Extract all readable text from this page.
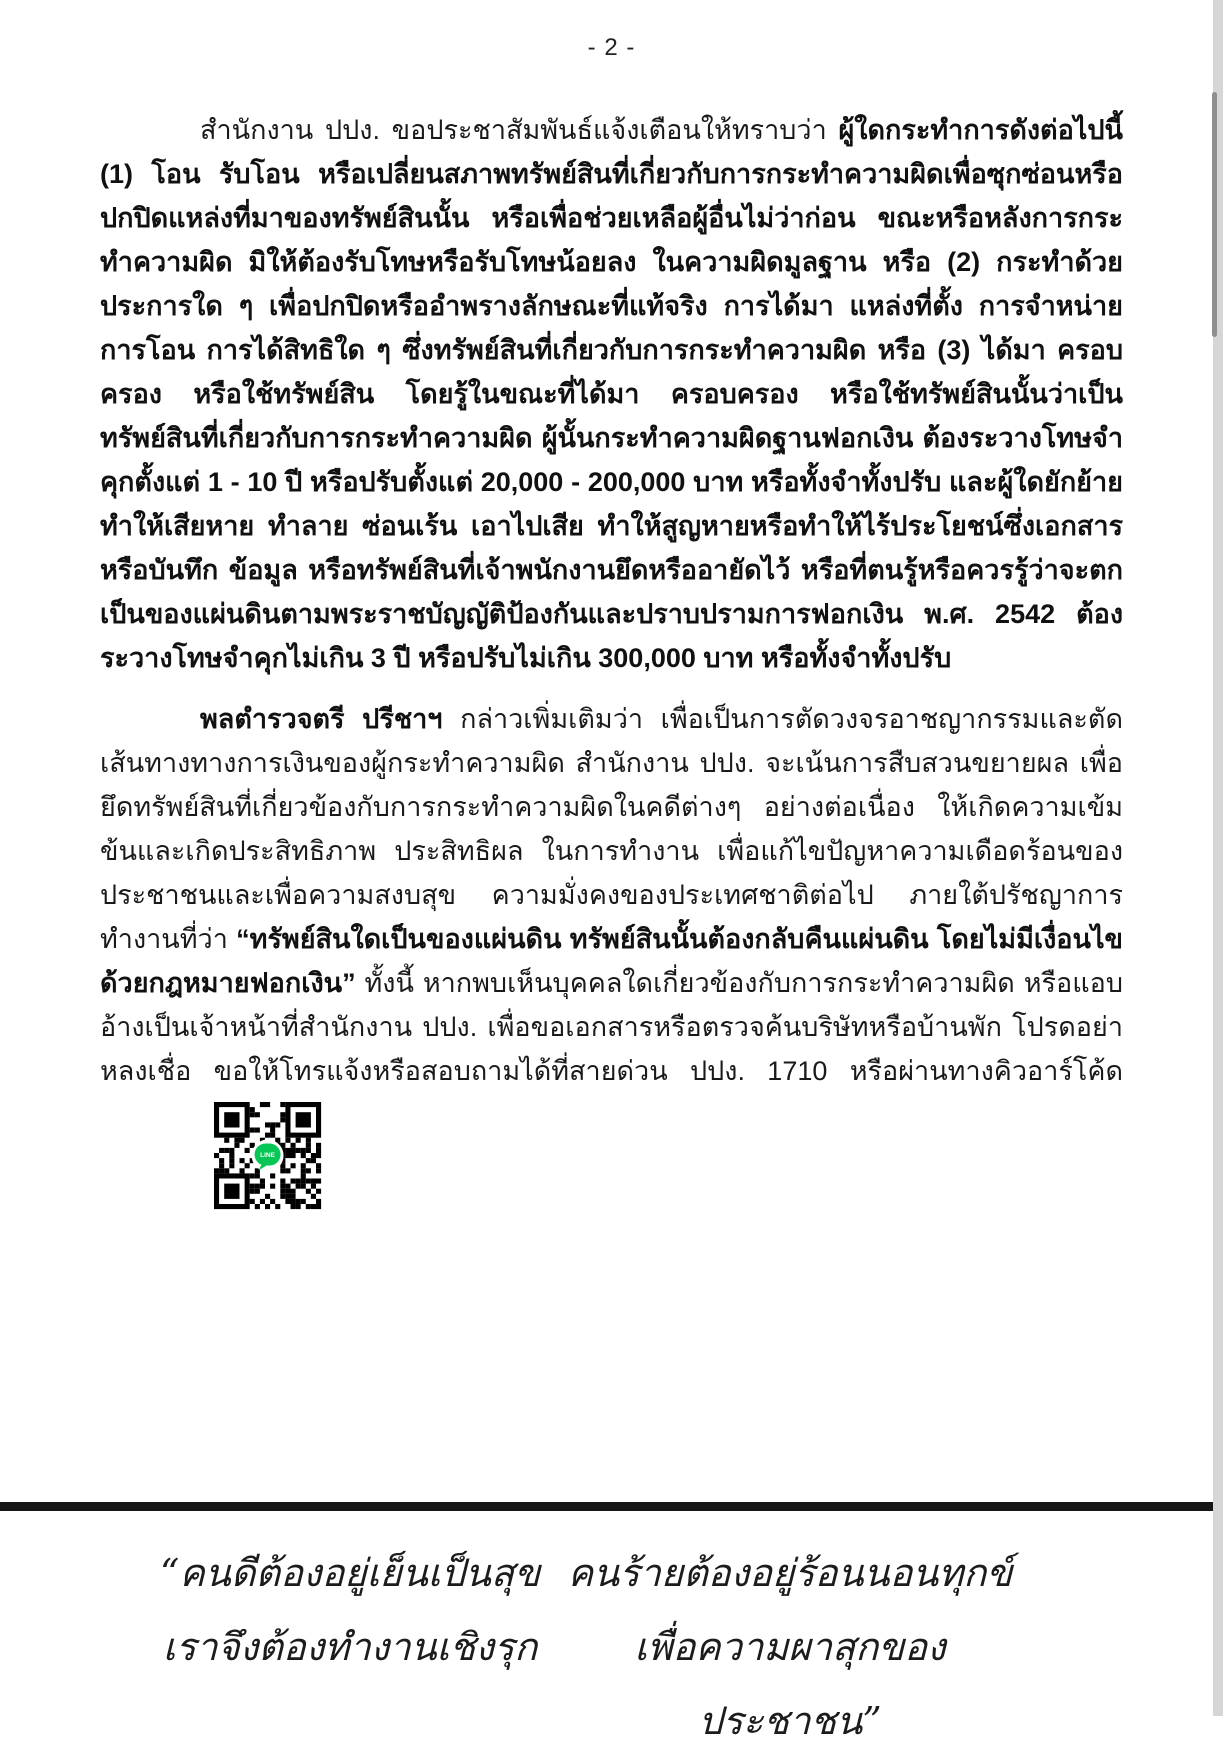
- 2 -

สำนักงาน ปปง. ขอประชาสัมพันธ์แจ้งเตือนให้ทราบว่า ผู้ใดกระทำการดังต่อไปนี้ (1) โอน รับโอน หรือเปลี่ยนสภาพทรัพย์สินที่เกี่ยวกับการกระทำความผิดเพื่อซุกซ่อนหรือปกปิดแหล่งที่มาของทรัพย์สินนั้น หรือเพื่อช่วยเหลือผู้อื่นไม่ว่าก่อน ขณะหรือหลังการกระทำความผิด มิให้ต้องรับโทษหรือรับโทษน้อยลง ในความผิดมูลฐาน หรือ (2) กระทำด้วยประการใด ๆ เพื่อปกปิดหรืออำพรางลักษณะที่แท้จริง การได้มา แหล่งที่ตั้ง การจำหน่าย การโอน การได้สิทธิใด ๆ ซึ่งทรัพย์สินที่เกี่ยวกับการกระทำความผิด หรือ (3) ได้มา ครอบครอง หรือใช้ทรัพย์สิน โดยรู้ในขณะที่ได้มา ครอบครอง หรือใช้ทรัพย์สินนั้นว่าเป็นทรัพย์สินที่เกี่ยวกับการกระทำความผิด ผู้นั้นกระทำความผิดฐานฟอกเงิน ต้องระวางโทษจำคุกตั้งแต่ 1 - 10 ปี หรือปรับตั้งแต่ 20,000 - 200,000 บาท หรือทั้งจำทั้งปรับ และผู้ใดยักย้าย ทำให้เสียหาย ทำลาย ซ่อนเร้น เอาไปเสีย ทำให้สูญหายหรือทำให้ไร้ประโยชน์ซึ่งเอกสารหรือบันทึก ข้อมูล หรือทรัพย์สินที่เจ้าพนักงานยึดหรืออายัดไว้ หรือที่ตนรู้หรือควรรู้ว่าจะตกเป็นของแผ่นดินตามพระราชบัญญัติป้องกันและปราบปรามการฟอกเงิน พ.ศ. 2542 ต้องระวางโทษจำคุกไม่เกิน 3 ปี หรือปรับไม่เกิน 300,000 บาท หรือทั้งจำทั้งปรับ

พลตำรวจตรี ปรีชาฯ กล่าวเพิ่มเติมว่า เพื่อเป็นการตัดวงจรอาชญากรรมและตัดเส้นทางทางการเงินของผู้กระทำความผิด สำนักงาน ปปง. จะเน้นการสืบสวนขยายผล เพื่อยึดทรัพย์สินที่เกี่ยวข้องกับการกระทำความผิดในคดีต่างๆ อย่างต่อเนื่อง ให้เกิดความเข้มข้นและเกิดประสิทธิภาพ ประสิทธิผล ในการทำงาน เพื่อแก้ไขปัญหาความเดือดร้อนของประชาชนและเพื่อความสงบสุข ความมั่งคงของประเทศชาติต่อไป ภายใต้ปรัชญาการทำงานที่ว่า “ทรัพย์สินใดเป็นของแผ่นดิน ทรัพย์สินนั้นต้องกลับคืนแผ่นดิน โดยไม่มีเงื่อนไข ด้วยกฎหมายฟอกเงิน” ทั้งนี้ หากพบเห็นบุคคลใดเกี่ยวข้องกับการกระทำความผิด หรือแอบอ้างเป็นเจ้าหน้าที่สำนักงาน ปปง. เพื่อขอเอกสารหรือตรวจค้นบริษัทหรือบ้านพัก โปรดอย่าหลงเชื่อ ขอให้โทรแจ้งหรือสอบถามได้ที่สายด่วน ปปง. 1710 หรือผ่านทางคิวอาร์โค้ด
LINE

“คนดีต้องอยู่เย็นเป็นสุข
เราจึงต้องทำงานเชิงรุก
คนร้ายต้องอยู่ร้อนนอนทุกข์
เพื่อความผาสุกของประชาชน”
